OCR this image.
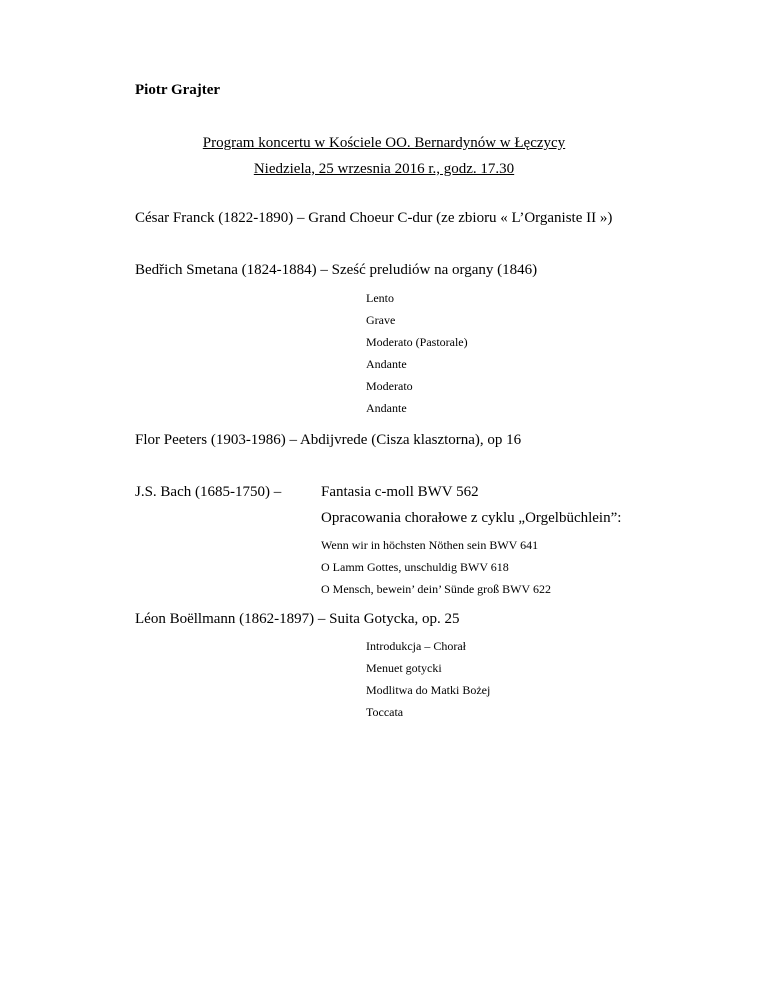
Piotr Grajter
Program koncertu w Kościele OO. Bernardynów w Łęczycy
Niedziela, 25 wrzesnia 2016 r., godz. 17.30
César Franck (1822-1890) – Grand Choeur C-dur (ze zbioru « L’Organiste II »)
Bedřich Smetana (1824-1884) – Sześć preludiów na organy (1846)
Lento
Grave
Moderato (Pastorale)
Andante
Moderato
Andante
Flor Peeters (1903-1986) – Abdijvrede (Cisza klasztorna), op 16
J.S. Bach (1685-1750) –	Fantasia c-moll BWV 562
Opracowania chorałowe z cyklu „Orgelbüchlein”:
Wenn wir in höchsten Nöthen sein BWV 641
O Lamm Gottes, unschuldig BWV 618
O Mensch, bewein’ dein’ Sünde groß BWV 622
Léon Boëllmann (1862-1897) – Suita Gotycka, op. 25
Introdukcja – Chorał
Menuet gotycki
Modlitwa do Matki Bożej
Toccata
